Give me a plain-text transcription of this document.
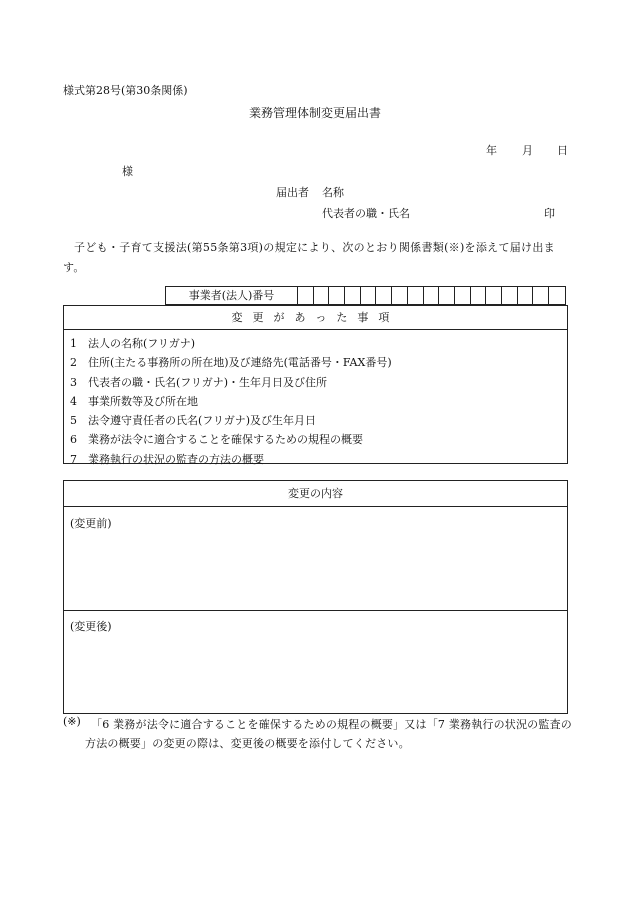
様式第28号(第30条関係)
業務管理体制変更届出書
年 月 日
様
届出者 名称
代表者の職・氏名	印
子ども・子育て支援法(第55条第3項)の規定により、次のとおり関係書類(※)を添えて届け出ます。
事業者(法人)番号
変更があった事項
1	法人の名称(フリガナ)
2	住所(主たる事務所の所在地)及び連絡先(電話番号・FAX番号)
3	代表者の職・氏名(フリガナ)・生年月日及び住所
4	事業所数等及び所在地
5	法令遵守責任者の氏名(フリガナ)及び生年月日
6	業務が法令に適合することを確保するための規程の概要
7	業務執行の状況の監査の方法の概要
変更の内容
(変更前)
(変更後)
(※) 「6 業務が法令に適合することを確保するための規程の概要」又は「7 業務執行の状況の監査の方法の概要」の変更の際は、変更後の概要を添付してください。
